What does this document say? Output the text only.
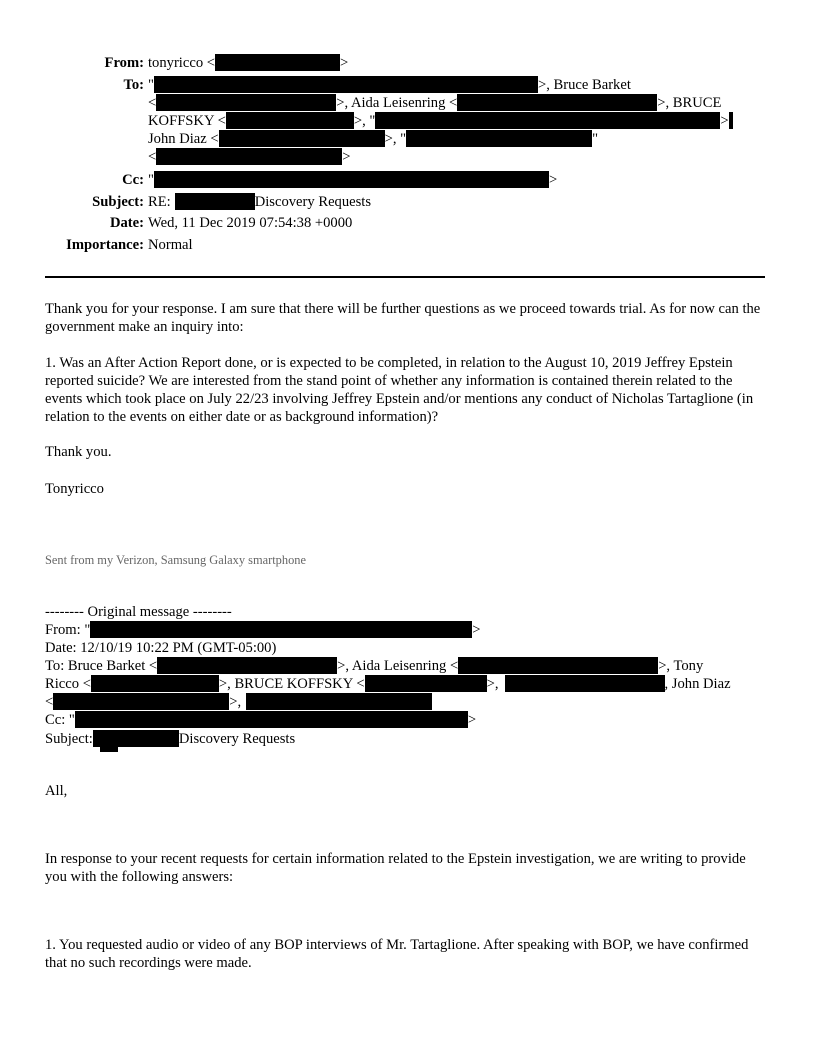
From: tonyricco <	>
To: "	>, Bruce Barket
<	>, Aida Leisenring <	>, BRUCE
KOFFSKY <	>, "	>
John Diaz <	>, "	"
<	>
Cc: "	>
Subject: RE:	Discovery Requests
Date: Wed, 11 Dec 2019 07:54:38 +0000
Importance: Normal
Thank you for your response. I am sure that there will be further questions as we proceed towards trial. As for now can the government make an inquiry into:
1. Was an After Action Report done, or is expected to be completed, in relation to the August 10, 2019 Jeffrey Epstein reported suicide? We are interested from the stand point of whether any information is contained therein related to the events which took place on July 22/23 involving Jeffrey Epstein and/or mentions any conduct of Nicholas Tartaglione (in relation to the events on either date or as background information)?
Thank you.
Tonyricco
Sent from my Verizon, Samsung Galaxy smartphone
-------- Original message --------
From: "	>
Date: 12/10/19 10:22 PM (GMT-05:00)
To: Bruce Barket <	>, Aida Leisenring <	>, Tony
Ricco <	>, BRUCE KOFFSKY <	>,	, John Diaz
<	>,
Cc: "	>
Subject:	Discovery Requests
All,
In response to your recent requests for certain information related to the Epstein investigation, we are writing to provide you with the following answers:
1. You requested audio or video of any BOP interviews of Mr. Tartaglione. After speaking with BOP, we have confirmed that no such recordings were made.
